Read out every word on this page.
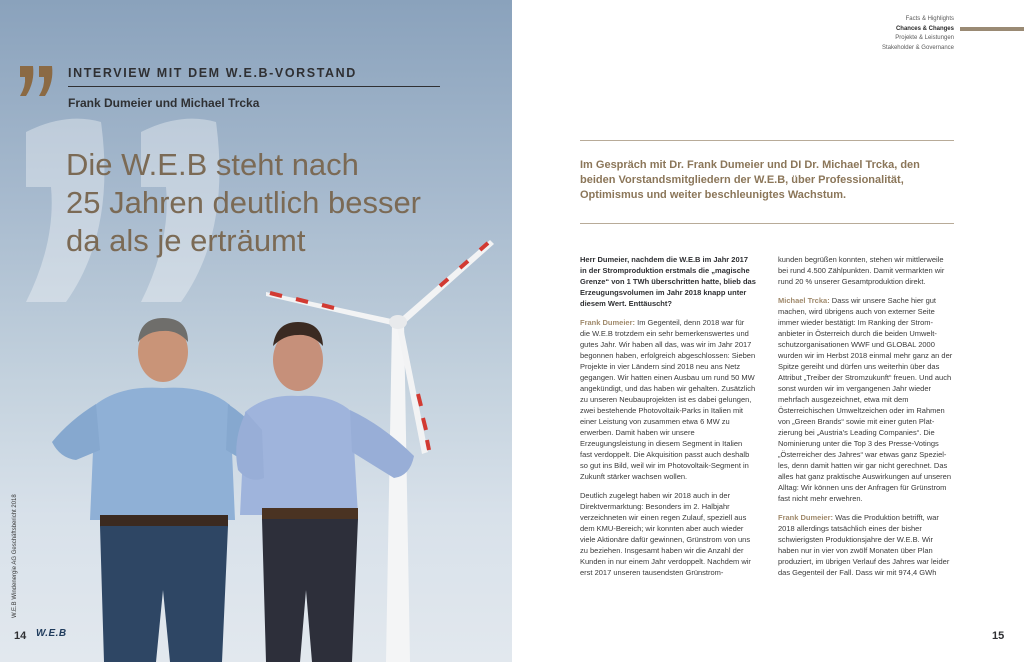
INTERVIEW MIT DEM W.E.B-VORSTAND
Frank Dumeier und Michael Trcka
Die W.E.B steht nach
25 Jahren deutlich besser
da als je erträumt
W.E.B Windenergie AG Geschäftsbericht 2018
14 W.E.B
Facts & Highlights
Chances & Changes
Projekte & Leistungen
Stakeholder & Governance

Im Gespräch mit Dr. Frank Dumeier und DI Dr. Michael Trcka, den beiden Vorstandsmitgliedern der W.E.B, über Professionalität, Optimismus und weiter beschleunigtes Wachstum.

Herr Dumeier, nachdem die W.E.B im Jahr 2017 in der Stromproduktion erstmals die „magische Grenze“ von 1 TWh überschritten hatte, blieb das Erzeugungsvolumen im Jahr 2018 knapp unter diesem Wert. Enttäuscht?

Frank Dumeier: Im Gegenteil, denn 2018 war für die W.E.B trotzdem ein sehr bemerkenswertes und gutes Jahr. Wir haben all das, was wir im Jahr 2017 begonnen haben, erfolgreich abgeschlossen: Sieben Projekte in vier Ländern sind 2018 neu ans Netz gegangen. Wir hatten einen Ausbau um rund 50 MW angekündigt, und das haben wir gehalten. Zusätzlich zu unseren Neubauprojekten ist es dabei gelungen, zwei bestehende Photovoltaik-Parks in Italien mit einer Leistung von zusammen etwa 6 MW zu erwerben. Damit haben wir unsere Erzeugungsleistung in diesem Segment in Italien fast verdoppelt. Die Akquisition passt auch deshalb so gut ins Bild, weil wir im Photovoltaik-Segment in Zukunft stärker wachsen wollen.

Deutlich zugelegt haben wir 2018 auch in der Direktvermarktung: Besonders im 2. Halbjahr verzeichneten wir einen regen Zulauf, speziell aus dem KMU-Bereich; wir konnten aber auch wieder viele Aktionäre dafür gewinnen, Grünstrom von uns zu beziehen. Insgesamt haben wir die Anzahl der Kunden in nur einem Jahr verdoppelt. Nachdem wir erst 2017 unseren tausendsten Grünstrom-

kunden begrüßen konnten, stehen wir mittlerweile bei rund 4.500 Zählpunkten. Damit vermarkten wir rund 20 % unserer Gesamtproduktion direkt.

Michael Trcka: Dass wir unsere Sache hier gut machen, wird übrigens auch von externer Seite immer wieder bestätigt: Im Ranking der Strom-anbieter in Österreich durch die beiden Umwelt-schutzorganisationen WWF und GLOBAL 2000 wurden wir im Herbst 2018 einmal mehr ganz an der Spitze gereiht und dürfen uns weiterhin über das Attribut „Treiber der Stromzukunft“ freuen. Und auch sonst wurden wir im vergangenen Jahr wieder mehrfach ausgezeichnet, etwa mit dem Österreichischen Umweltzeichen oder im Rahmen von „Green Brands“ sowie mit einer guten Plat-zierung bei „Austria’s Leading Companies“. Die Nominierung unter die Top 3 des Presse-Votings „Österreicher des Jahres“ war etwas ganz Speziel-les, denn damit hatten wir gar nicht gerechnet. Das alles hat ganz praktische Auswirkungen auf unseren Alltag: Wir können uns der Anfragen für Grünstrom fast nicht mehr erwehren.

Frank Dumeier: Was die Produktion betrifft, war 2018 allerdings tatsächlich eines der bisher schwierigsten Produktionsjahre der W.E.B. Wir haben nur in vier von zwölf Monaten über Plan produziert, im übrigen Verlauf des Jahres war leider das Gegenteil der Fall. Dass wir mit 974,4 GWh

15
